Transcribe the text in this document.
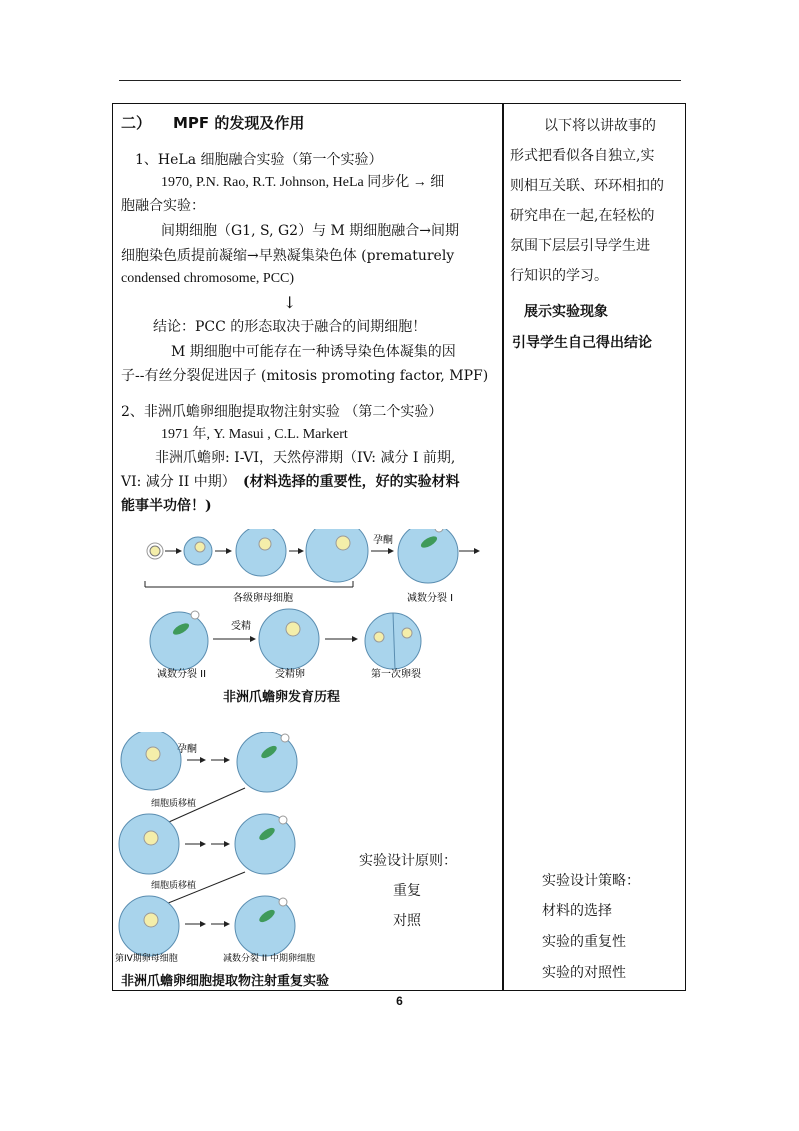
二） MPF 的发现及作用
1、HeLa 细胞融合实验（第一个实验）
1970, P.N. Rao, R.T. Johnson, HeLa 同步化 → 细
胞融合实验：
间期细胞（G1, S, G2）与 M 期细胞融合→间期
细胞染色质提前凝缩→早熟凝集染色体 (prematurely
condensed chromosome, PCC)
↓
结论：PCC 的形态取决于融合的间期细胞！
M 期细胞中可能存在一种诱导染色体凝集的因
子--有丝分裂促进因子 (mitosis promoting factor, MPF)
2、非洲爪蟾卵细胞提取物注射实验 （第二个实验）
1971 年, Y. Masui , C.L. Markert
非洲爪蟾卵: I-VI，天然停滞期（IV: 减分 I 前期,
VI: 减分 II 中期） (材料选择的重要性，好的实验材料
能事半功倍！)
孕酮
各级卵母细胞	减数分裂 I
受精
减数分裂 II	受精卵	第一次卵裂
非洲爪蟾卵发育历程
孕酮
细胞质移植
细胞质移植
第IV期卵母细胞	减数分裂 II 中期卵细胞
实验设计原则：
重复
对照
非洲爪蟾卵细胞提取物注射重复实验
以下将以讲故事的
形式把看似各自独立,实
则相互关联、环环相扣的
研究串在一起,在轻松的
氛围下层层引导学生进
行知识的学习。
展示实验现象
引导学生自己得出结论
实验设计策略：
材料的选择
实验的重复性
实验的对照性
6
